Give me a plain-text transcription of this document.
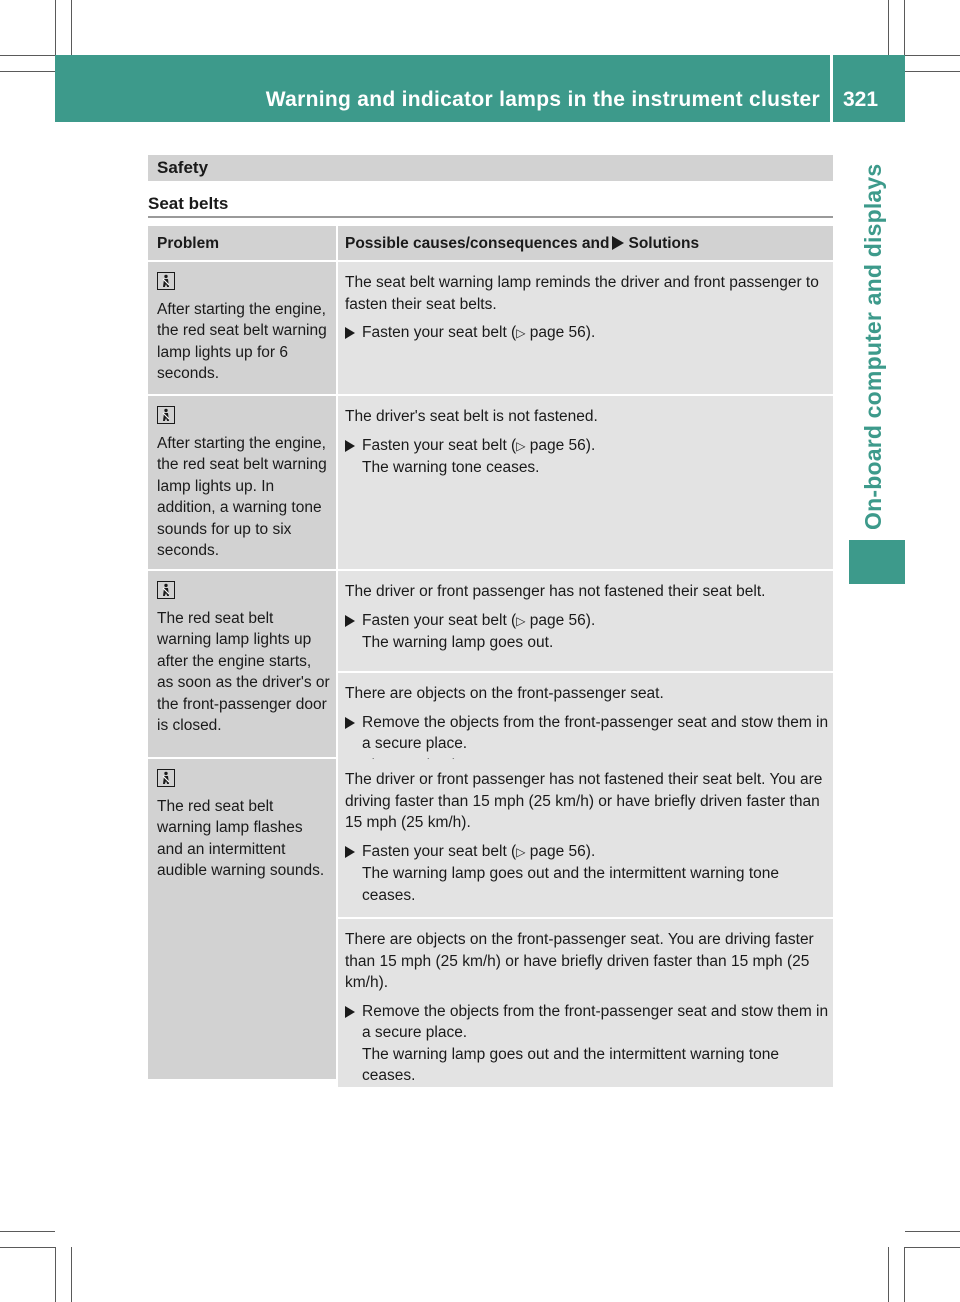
Warning and indicator lamps in the instrument cluster 321
On-board computer and displays
Safety
Seat belts
Problem	Possible causes/consequences and Solutions
After starting the engine, the red seat belt warning lamp lights up for 6 seconds.

The seat belt warning lamp reminds the driver and front passenger to fasten their seat belts.

Fasten your seat belt (▷ page 56).

After starting the engine, the red seat belt warning lamp lights up. In addition, a warning tone sounds for up to six seconds.

The driver's seat belt is not fastened.

Fasten your seat belt (▷ page 56).

The warning tone ceases.

The red seat belt warning lamp lights up after the engine starts, as soon as the driver's or the front-passenger door is closed.

The driver or front passenger has not fastened their seat belt.

Fasten your seat belt (▷ page 56).

The warning lamp goes out.

There are objects on the front-passenger seat.

Remove the objects from the front-passenger seat and stow them in a secure place.

The red seat belt warning lamp flashes and an intermittent audible warning sounds.

The driver or front passenger has not fastened their seat belt. You are driving faster than 15 mph (25 km/h) or have briefly driven faster than 15 mph (25 km/h).

Fasten your seat belt (▷ page 56).

The warning lamp goes out and the intermittent warning tone ceases.

There are objects on the front-passenger seat. You are driving faster than 15 mph (25 km/h) or have briefly driven faster than 15 mph (25 km/h).

Remove the objects from the front-passenger seat and stow them in a secure place.

The warning lamp goes out and the intermittent warning tone ceases.
